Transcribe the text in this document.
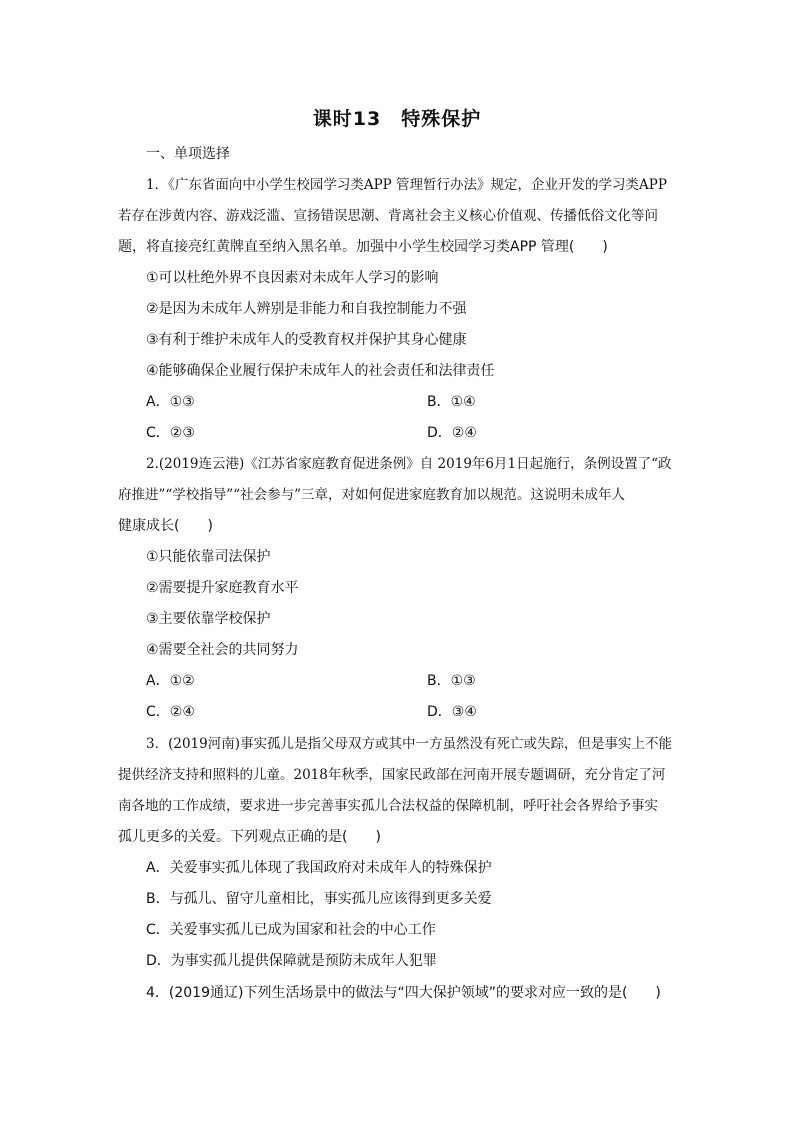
课时13　特殊保护
一、单项选择
1．《广东省面向中小学生校园学习类APP 管理暂行办法》规定，企业开发的学习类APP
若存在涉黄内容、游戏泛滥、宣扬错误思潮、背离社会主义核心价值观、传播低俗文化等问
题，将直接亮红黄牌直至纳入黑名单。加强中小学生校园学习类APP 管理(　　)
①可以杜绝外界不良因素对未成年人学习的影响
②是因为未成年人辨别是非能力和自我控制能力不强
③有利于维护未成年人的受教育权并保护其身心健康
④能够确保企业履行保护未成年人的社会责任和法律责任
A．①③	B．①④
C．②③	D．②④
2.(2019连云港)《江苏省家庭教育促进条例》自 2019年6月1日起施行，条例设置了“政
府推进”“学校指导”“社会参与”三章，对如何促进家庭教育加以规范。这说明未成年人
健康成长(　　)
①只能依靠司法保护
②需要提升家庭教育水平
③主要依靠学校保护
④需要全社会的共同努力
A．①②	B．①③
C．②④	D．③④
3．(2019河南)事实孤儿是指父母双方或其中一方虽然没有死亡或失踪，但是事实上不能
提供经济支持和照料的儿童。2018年秋季，国家民政部在河南开展专题调研，充分肯定了河
南各地的工作成绩，要求进一步完善事实孤儿合法权益的保障机制，呼吁社会各界给予事实
孤儿更多的关爱。下列观点正确的是(　　)
A．关爱事实孤儿体现了我国政府对未成年人的特殊保护
B．与孤儿、留守儿童相比，事实孤儿应该得到更多关爱
C．关爱事实孤儿已成为国家和社会的中心工作
D．为事实孤儿提供保障就是预防未成年人犯罪
4．(2019通辽)下列生活场景中的做法与“四大保护领域”的要求对应一致的是(　　)
